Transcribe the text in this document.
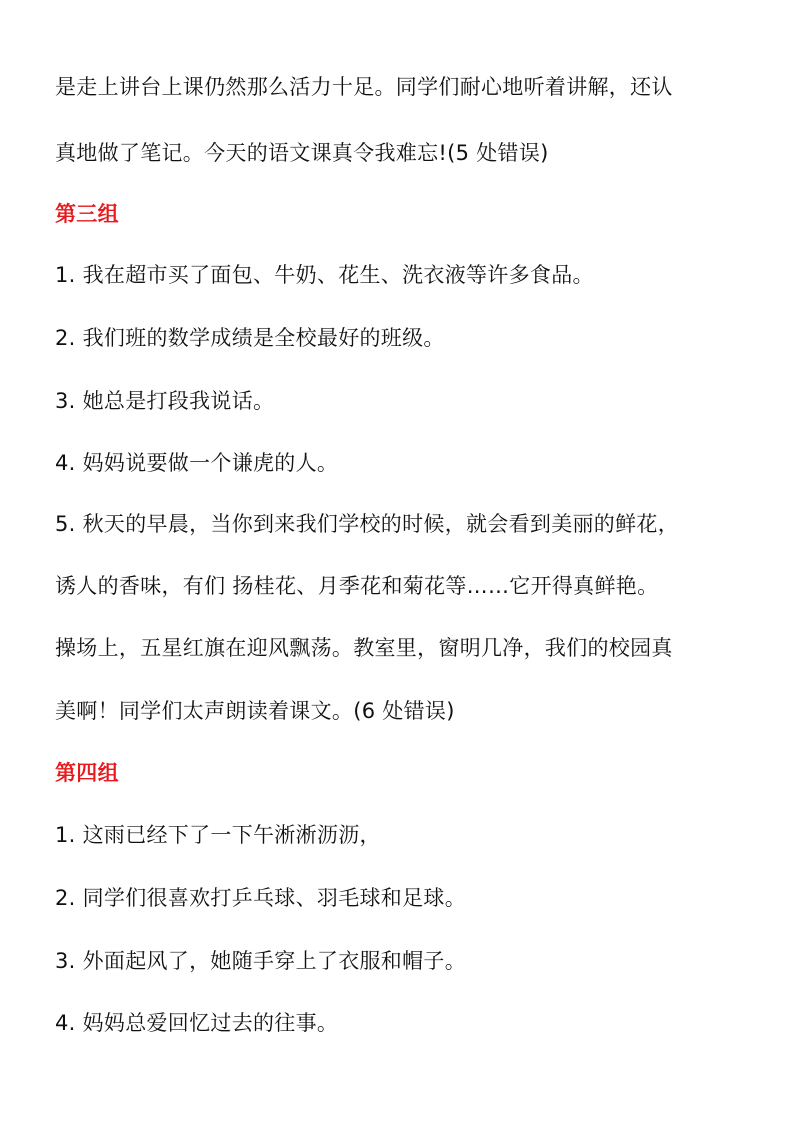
是走上讲台上课仍然那么活力十足。同学们耐心地听着讲解，还认
真地做了笔记。今天的语文课真令我难忘!(5 处错误)
第三组
1. 我在超市买了面包、牛奶、花生、洗衣液等许多食品。
2. 我们班的数学成绩是全校最好的班级。
3. 她总是打段我说话。
4. 妈妈说要做一个谦虎的人。
5. 秋天的早晨，当你到来我们学校的时候，就会看到美丽的鲜花，
诱人的香味，有们 扬桂花、月季花和菊花等……它开得真鲜艳。
操场上，五星红旗在迎风飘荡。教室里，窗明几净，我们的校园真
美啊！同学们太声朗读着课文。(6 处错误)
第四组
1. 这雨已经下了一下午淅淅沥沥，
2. 同学们很喜欢打乒乓球、羽毛球和足球。
3. 外面起风了，她随手穿上了衣服和帽子。
4. 妈妈总爱回忆过去的往事。
